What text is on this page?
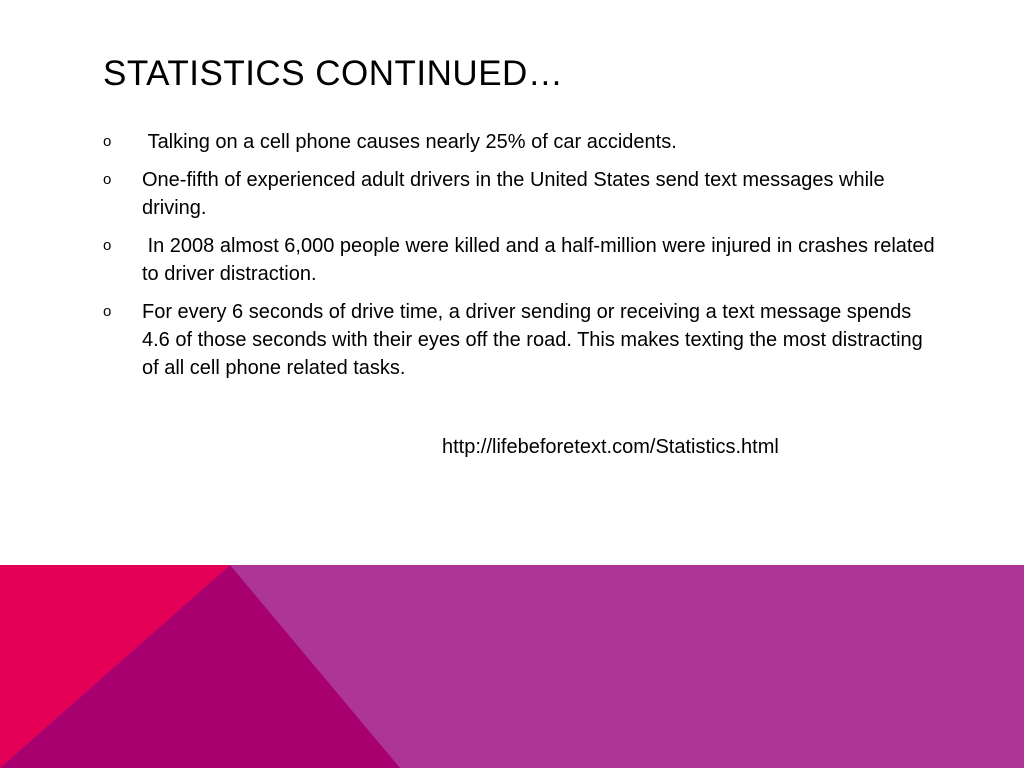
STATISTICS CONTINUED…
o Talking on a cell phone causes nearly 25% of car accidents.
o One-fifth of experienced adult drivers in the United States send text messages while driving.
o In 2008 almost 6,000 people were killed and a half-million were injured in crashes related to driver distraction.
o For every 6 seconds of drive time, a driver sending or receiving a text message spends 4.6 of those seconds with their eyes off the road. This makes texting the most distracting of all cell phone related tasks.
http://lifebeforetext.com/Statistics.html
